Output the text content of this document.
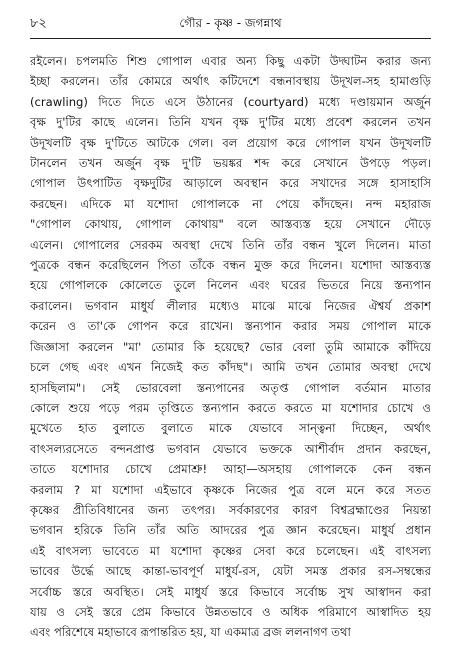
৮২	গৌর - কৃষ্ণ - জগন্নাথ
রইলেন। চপলমতি শিশু গোপাল এবার অন্য কিছু একটা উদ্ঘাটন করার জন্য
ইচ্ছা করলেন। তাঁর কোমরে অর্থাৎ কটিদেশে বন্ধনাবস্থায় উদূখল-সহ হামাগুড়ি
(crawling) দিতে দিতে এসে উঠানের (courtyard) মধ্যে দণ্ডায়মান অর্জুন
বৃক্ষ দু'টির কাছে এলেন। তিনি যখন বৃক্ষ দু'টির মধ্যে প্রবেশ করলেন তখন
উদূখলটি বৃক্ষ দু'টিতে আটকে গেল। বল প্রয়োগ করে গোপাল যখন উদূখলটি
টানলেন তখন অর্জুন বৃক্ষ দু'টি ভয়ঙ্কর শব্দ করে সেখানে উপড়ে পড়ল।
গোপাল উৎপাটিত বৃক্ষদুটির আড়ালে অবস্থান করে সখাদের সঙ্গে হাসাহাসি
করছেন। এদিকে মা যশোদা গোপালকে না পেয়ে কাঁদছেন। নন্দ মহারাজ
"গোপাল কোথায়, গোপাল কোথায়" বলে আস্তব্যস্ত হয়ে সেখানে দৌড়ে
এলেন। গোপালের সেরকম অবস্থা দেখে তিনি তাঁর বন্ধন খুলে দিলেন। মাতা
পুত্রকে বন্ধন করেছিলেন পিতা তাঁকে বন্ধন মুক্ত করে দিলেন। যশোদা আস্তব্যস্ত
হয়ে গোপালকে কোলেতে তুলে নিলেন এবং ঘরের ভিতরে নিয়ে স্তন্যপান
করালেন। ভগবান মাধুর্য লীলার মধ্যেও মাঝে মাঝে নিজের ঐশ্বর্য প্রকাশ
করেন ও তা'কে গোপন করে রাখেন। স্তন্যপান করার সময় গোপাল মাকে
জিজ্ঞাসা করলেন "মা' তোমার কি হয়েছে? ভোর বেলা তুমি আমাকে কাঁদিয়ে
চলে গেছ এবং এখন নিজেই কত কাঁদছ"। আমি তখন তোমার অবস্থা দেখে
হাসছিলাম"। সেই ভোরবেলা স্তন্যপানের অতৃপ্ত গোপাল বর্তমান মাতার
কোলে শুয়ে পড়ে পরম তৃপ্তিতে স্তন্যপান করতে করতে মা যশোদার চোখে ও
মুখেতে হাত বুলাতে বুলাতে মাকে যেভাবে সান্ত্বনা দিচ্ছেন, অর্থাৎ
বাৎসল্যরসেতে বন্দনপ্রাপ্ত ভগবান যেভাবে ভক্তকে আশীর্বাদ প্রদান করছেন,
তাতে যশোদার চোখে প্রেমাশ্রু! আহা—অসহায় গোপালকে কেন বন্ধন
করলাম ? মা যশোদা এইভাবে কৃষ্ণকে নিজের পুত্র বলে মনে করে সতত
কৃষ্ণের প্রীতিবিধানের জন্য তৎপর। সর্বকারণের কারণ বিশ্বব্রহ্মাণ্ডের নিয়ন্তা
ভগবান হরিকে তিনি তাঁর অতি আদরের পুত্র জ্ঞান করেছেন। মাধুর্য প্রধান
এই বাৎসল্য ভাবেতে মা যশোদা কৃষ্ণের সেবা করে চলেছেন। এই বাৎসল্য
ভাবের উর্দ্ধে আছে কান্তা-ভাবপূর্ণ মাধুর্য-রস, যেটা সমস্ত প্রকার রস-সম্বন্ধের
সর্বোচ্চ স্তরে অবস্থিত। সেই মাধুর্য স্তরে কিভাবে সর্বোচ্চ সুখ আস্বাদন করা
যায় ও সেই স্তরে প্রেম কিভাবে উন্নতভাবে ও অধিক পরিমাণে আস্বাদিত হয়
এবং পরিশেষে মহাভাবে রূপান্তরিত হয়, যা একমাত্র ব্রজ ললনাগণ তথা
